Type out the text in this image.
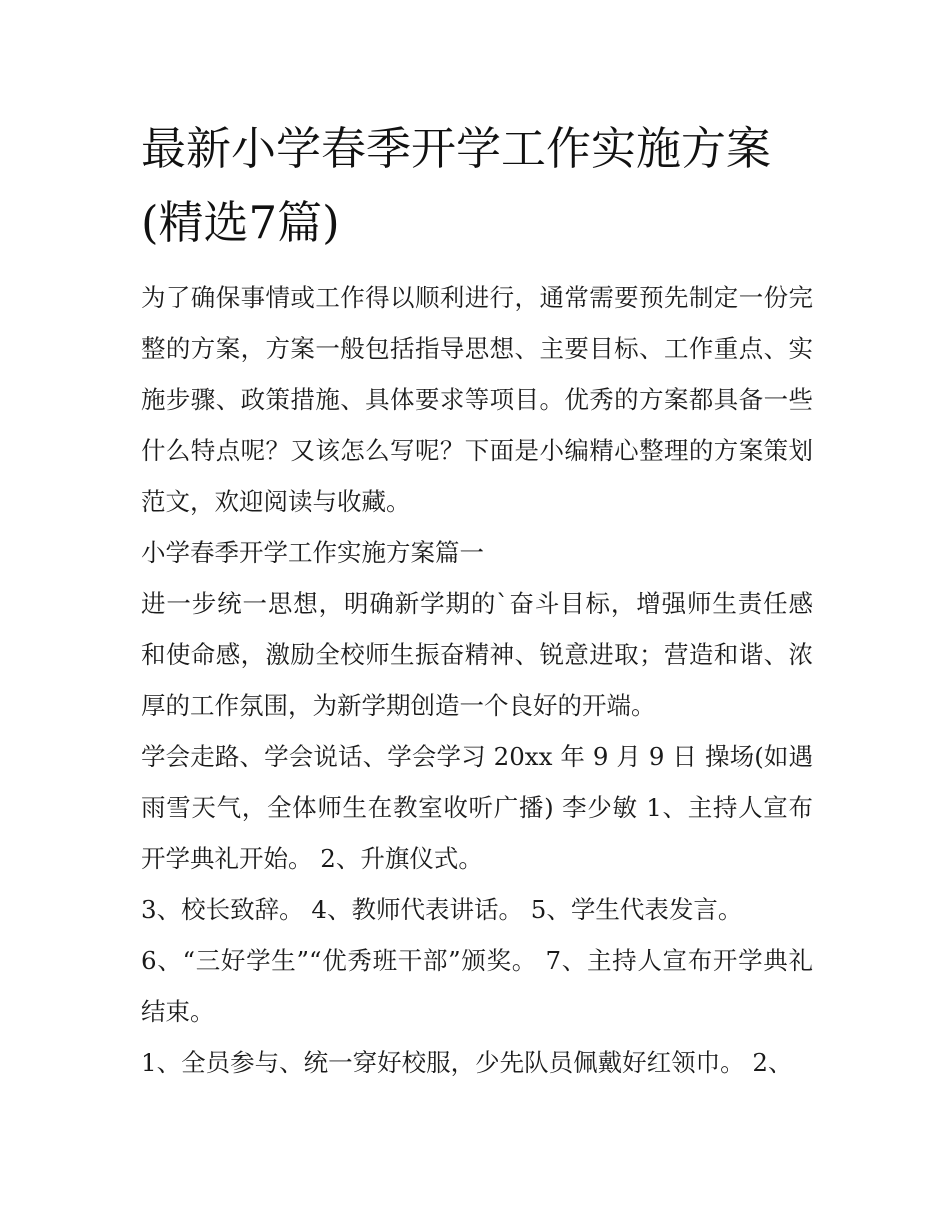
最新小学春季开学工作实施方案(精选7篇)

为了确保事情或工作得以顺利进行，通常需要预先制定一份完整的方案，方案一般包括指导思想、主要目标、工作重点、实施步骤、政策措施、具体要求等项目。优秀的方案都具备一些什么特点呢？又该怎么写呢？下面是小编精心整理的方案策划范文，欢迎阅读与收藏。

小学春季开学工作实施方案篇一

进一步统一思想，明确新学期的`奋斗目标，增强师生责任感和使命感，激励全校师生振奋精神、锐意进取；营造和谐、浓厚的工作氛围，为新学期创造一个良好的开端。

学会走路、学会说话、学会学习 20xx 年 9 月 9 日 操场(如遇雨雪天气，全体师生在教室收听广播) 李少敏 1、主持人宣布开学典礼开始。 2、升旗仪式。

3、校长致辞。 4、教师代表讲话。 5、学生代表发言。

6、“三好学生”“优秀班干部”颁奖。 7、主持人宣布开学典礼结束。

1、全员参与、统一穿好校服，少先队员佩戴好红领巾。 2、
